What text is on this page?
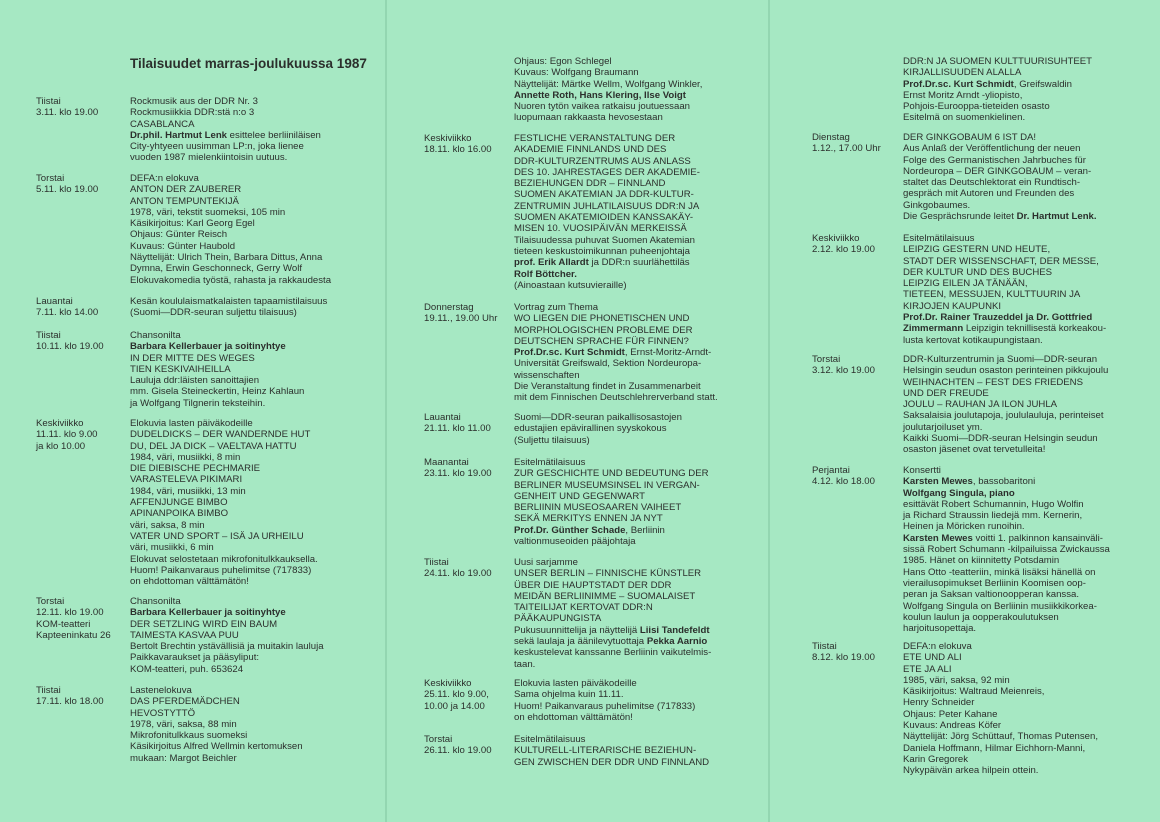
Tilaisuudet marras-joulukuussa 1987
Tiistai
3.11. klo 19.00
Rockmusik aus der DDR Nr. 3
Rockmusiikkia DDR:stä n:o 3
CASABLANCA
Dr.phil. Hartmut Lenk esittelee berliiniläisen
City-yhtyeen uusimman LP:n, joka lienee
vuoden 1987 mielenkiintoisin uutuus.
Torstai
5.11. klo 19.00
DEFA:n elokuva
ANTON DER ZAUBERER
ANTON TEMPUNTEKIJÄ
1978, väri, tekstit suomeksi, 105 min
Käsikirjoitus: Karl Georg Egel
Ohjaus: Günter Reisch
Kuvaus: Günter Haubold
Näyttelijät: Ulrich Thein, Barbara Dittus, Anna
Dymna, Erwin Geschonneck, Gerry Wolf
Elokuvakomedia työstä, rahasta ja rakkaudesta
Lauantai
7.11. klo 14.00
Kesän koululaismatkalaisten tapaamistilaisuus
(Suomi—DDR-seuran suljettu tilaisuus)
Tiistai
10.11. klo 19.00
Chansonilta
Barbara Kellerbauer ja soitinyhtye
IN DER MITTE DES WEGES
TIEN KESKIVAIHEILLA
Lauluja ddr:läisten sanoittajien
mm. Gisela Steineckertin, Heinz Kahlaun
ja Wolfgang Tilgnerin teksteihin.
Keskiviikko
11.11. klo 9.00
ja klo 10.00
Elokuvia lasten päiväkodeille
DUDELDICKS – DER WANDERNDE HUT
DU, DEL JA DICK – VAELTAVA HATTU
1984, väri, musiikki, 8 min
DIE DIEBISCHE PECHMARIE
VARASTELEVA PIKIMARI
1984, väri, musiikki, 13 min
AFFENJUNGE BIMBO
APINANPOIKA BIMBO
väri, saksa, 8 min
VATER UND SPORT – ISÄ JA URHEILU
väri, musiikki, 6 min
Elokuvat selostetaan mikrofonitulkkauksella.
Huom! Paikanvaraus puhelimitse (717833)
on ehdottoman välttämätön!
Torstai
12.11. klo 19.00
KOM-teatteri
Kapteeninkatu 26
Chansonilta
Barbara Kellerbauer ja soitinyhtye
DER SETZLING WIRD EIN BAUM
TAIMESTA KASVAA PUU
Bertolt Brechtin ystävällisiä ja muitakin lauluja
Paikkavaraukset ja pääsyliput:
KOM-teatteri, puh. 653624
Tiistai
17.11. klo 18.00
Lastenelokuva
DAS PFERDEMÄDCHEN
HEVOSTYTTÖ
1978, väri, saksa, 88 min
Mikrofonitulkkaus suomeksi
Käsikirjoitus Alfred Wellmin kertomuksen
mukaan: Margot Beichler
Ohjaus: Egon Schlegel
Kuvaus: Wolfgang Braumann
Näyttelijät: Märtke Wellm, Wolfgang Winkler,
Annette Roth, Hans Klering, Ilse Voigt
Nuoren tytön vaikea ratkaisu joutuessaan
luopumaan rakkaasta hevosestaan
Keskiviikko
18.11. klo 16.00
FESTLICHE VERANSTALTUNG DER
AKADEMIE FINNLANDS UND DES
DDR-KULTURZENTRUMS AUS ANLASS
DES 10. JAHRESTAGES DER AKADEMIE-
BEZIEHUNGEN DDR – FINNLAND
SUOMEN AKATEMIAN JA DDR-KULTUR-
ZENTRUMIN JUHLATILAISUUS DDR:N JA
SUOMEN AKATEMIOIDEN KANSSAKÄY-
MISEN 10. VUOSIPÄIVÄN MERKEISSÄ
Tilaisuudessa puhuvat Suomen Akatemian
tieteen keskustoimikunnan puheenjohtaja
prof. Erik Allardt ja DDR:n suurlähettiläs
Rolf Böttcher.
(Ainoastaan kutsuvieraille)
Donnerstag
19.11., 19.00 Uhr
Vortrag zum Thema
WO LIEGEN DIE PHONETISCHEN UND
MORPHOLOGISCHEN PROBLEME DER
DEUTSCHEN SPRACHE FÜR FINNEN?
Prof.Dr.sc. Kurt Schmidt, Ernst-Moritz-Arndt-
Universität Greifswald, Sektion Nordeuropa-
wissenschaften
Die Veranstaltung findet in Zusammenarbeit
mit dem Finnischen Deutschlehrerverband statt.
Lauantai
21.11. klo 11.00
Suomi—DDR-seuran paikallisosastojen
edustajien epävirallinen syyskokous
(Suljettu tilaisuus)
Maanantai
23.11. klo 19.00
Esitelmätilaisuus
ZUR GESCHICHTE UND BEDEUTUNG DER
BERLINER MUSEUMSINSEL IN VERGAN-
GENHEIT UND GEGENWART
BERLIININ MUSEOSAAREN VAIHEET
SEKÄ MERKITYS ENNEN JA NYT
Prof.Dr. Günther Schade, Berliinin
valtionmuseoiden pääjohtaja
Tiistai
24.11. klo 19.00
Uusi sarjamme
UNSER BERLIN – FINNISCHE KÜNSTLER
ÜBER DIE HAUPTSTADT DER DDR
MEIDÄN BERLIINIMME – SUOMALAISET
TAITEILIJAT KERTOVAT DDR:N
PÄÄKAUPUNGISTA
Pukusuunnittelija ja näyttelijä Liisi Tandefeldt
sekä laulaja ja äänilevytuottaja Pekka Aarnio
keskustelevat kanssanne Berliinin vaikutelmis-
taan.
Keskiviikko
25.11. klo 9.00,
10.00 ja 14.00
Elokuvia lasten päiväkodeille
Sama ohjelma kuin 11.11.
Huom! Paikanvaraus puhelimitse (717833)
on ehdottoman välttämätön!
Torstai
26.11. klo 19.00
Esitelmätilaisuus
KULTURELL-LITERARISCHE BEZIEHUN-
GEN ZWISCHEN DER DDR UND FINNLAND
DDR:N JA SUOMEN KULTTUURISUHTEET
KIRJALLISUUDEN ALALLA
Prof.Dr.sc. Kurt Schmidt, Greifswaldin
Ernst Moritz Arndt -yliopisto,
Pohjois-Eurooppa-tieteiden osasto
Esitelmä on suomenkielinen.
Dienstag
1.12., 17.00 Uhr
DER GINKGOBAUM 6 IST DA!
Aus Anlaß der Veröffentlichung der neuen
Folge des Germanistischen Jahrbuches für
Nordeuropa – DER GINKGOBAUM – veran-
staltet das Deutschlektorat ein Rundtisch-
gespräch mit Autoren und Freunden des
Ginkgobaumes.
Die Gesprächsrunde leitet Dr. Hartmut Lenk.
Keskiviikko
2.12. klo 19.00
Esitelmätilaisuus
LEIPZIG GESTERN UND HEUTE,
STADT DER WISSENSCHAFT, DER MESSE,
DER KULTUR UND DES BUCHES
LEIPZIG EILEN JA TÄNÄÄN,
TIETEEN, MESSUJEN, KULTTUURIN JA
KIRJOJEN KAUPUNKI
Prof.Dr. Rainer Trauzeddel ja Dr. Gottfried
Zimmermann Leipzigin teknillisestä korkeakou-
lusta kertovat kotikaupungistaan.
Torstai
3.12. klo 19.00
DDR-Kulturzentrumin ja Suomi—DDR-seuran
Helsingin seudun osaston perinteinen pikkujoulu
WEIHNACHTEN – FEST DES FRIEDENS
UND DER FREUDE
JOULU – RAUHAN JA ILON JUHLA
Saksalaisia joulutapoja, joululauluja, perinteiset
joulutarjoiluset ym.
Kaikki Suomi—DDR-seuran Helsingin seudun
osaston jäsenet ovat tervetulleita!
Perjantai
4.12. klo 18.00
Konsertti
Karsten Mewes, bassobaritoni
Wolfgang Singula, piano
esittävät Robert Schumannin, Hugo Wolfin
ja Richard Straussin liedejä mm. Kernerin,
Heinen ja Möricken runoihin.
Karsten Mewes voitti 1. palkinnon kansainväli-
sissä Robert Schumann -kilpailuissa Zwickaussa
1985. Hänet on kiinnitetty Potsdamin
Hans Otto -teatteriin, minkä lisäksi hänellä on
vierailusopimukset Berliinin Koomisen oop-
peran ja Saksan valtionoopperan kanssa.
Wolfgang Singula on Berliinin musiikkikorkea-
koulun laulun ja oopperakoulutuksen
harjoitusopettaja.
Tiistai
8.12. klo 19.00
DEFA:n elokuva
ETE UND ALI
ETE JA ALI
1985, väri, saksa, 92 min
Käsikirjoitus: Waltraud Meienreis,
Henry Schneider
Ohjaus: Peter Kahane
Kuvaus: Andreas Köfer
Näyttelijät: Jörg Schüttauf, Thomas Putensen,
Daniela Hoffmann, Hilmar Eichhorn-Manni,
Karin Gregorek
Nykypäivän arkea hilpein ottein.
